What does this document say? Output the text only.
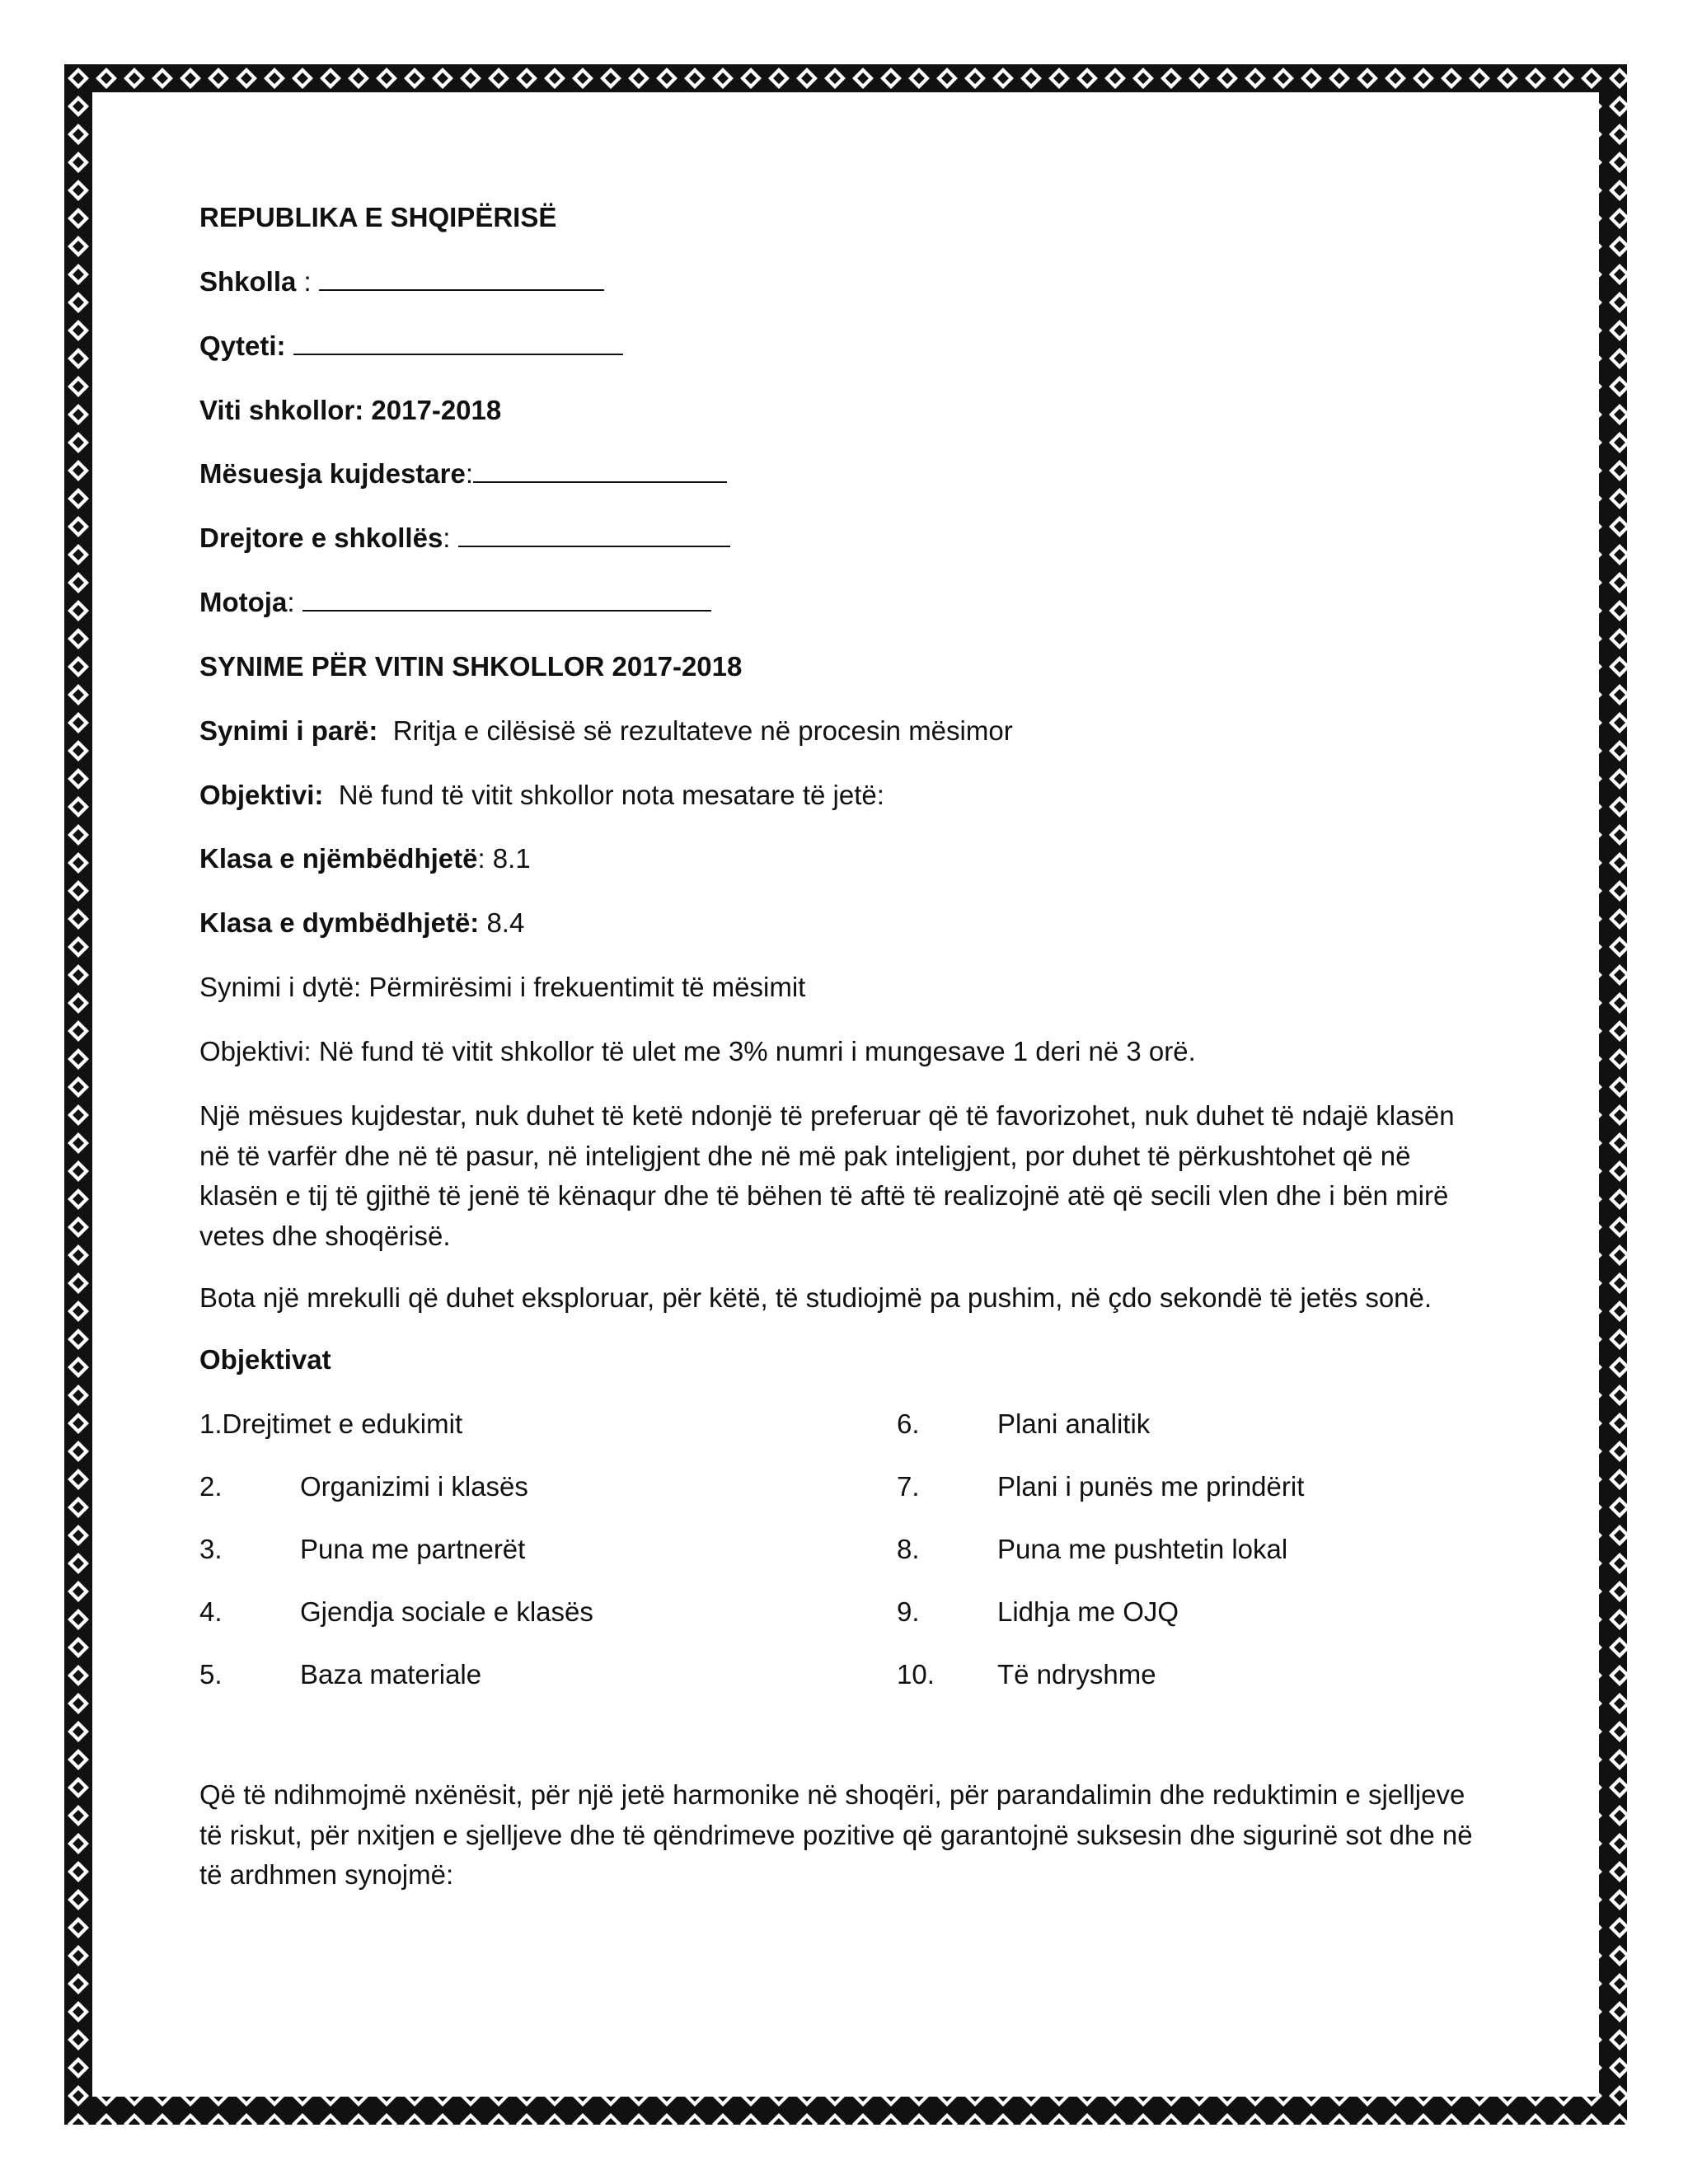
REPUBLIKA E SHQIPËRISË
Shkolla :
Qyteti:
Viti shkollor: 2017-2018
Mësuesja kujdestare:
Drejtore e shkollës:
Motoja:
SYNIME PËR VITIN SHKOLLOR 2017-2018
Synimi i parë:  Rritja e cilësisë së rezultateve në procesin mësimor
Objektivi:  Në fund të vitit shkollor nota mesatare të jetë:
Klasa e njëmbëdhjetë: 8.1
Klasa e dymbëdhjetë: 8.4
Synimi i dytë: Përmirësimi i frekuentimit të mësimit
Objektivi: Në fund të vitit shkollor të ulet me 3% numri i mungesave 1 deri në 3 orë.
Një mësues kujdestar, nuk duhet të ketë ndonjë të preferuar që të favorizohet, nuk duhet të ndajë klasën në të varfër dhe në të pasur, në inteligjent dhe në më pak inteligjent, por duhet të përkushtohet që në klasën e tij të gjithë të jenë të kënaqur dhe të bëhen të aftë të realizojnë atë që secili vlen dhe i bën mirë vetes dhe shoqërisë.
Bota një mrekulli që duhet eksploruar, për këtë, të studiojmë pa pushim, në çdo sekondë të jetës sonë.
Objektivat
1.Drejtimet e edukimit
2.	Organizimi i klasës
3.	Puna me partnerët
4.	Gjendja sociale e klasës
5.	Baza materiale
6.	Plani analitik
7.	Plani i punës me prindërit
8.	Puna me pushtetin lokal
9.	Lidhja me OJQ
10. Të ndryshme
Që të ndihmojmë nxënësit, për një jetë harmonike në shoqëri, për parandalimin dhe reduktimin e sjelljeve të riskut, për nxitjen e sjelljeve dhe të qëndrimeve pozitive që garantojnë suksesin dhe sigurinë sot dhe në të ardhmen synojmë:
